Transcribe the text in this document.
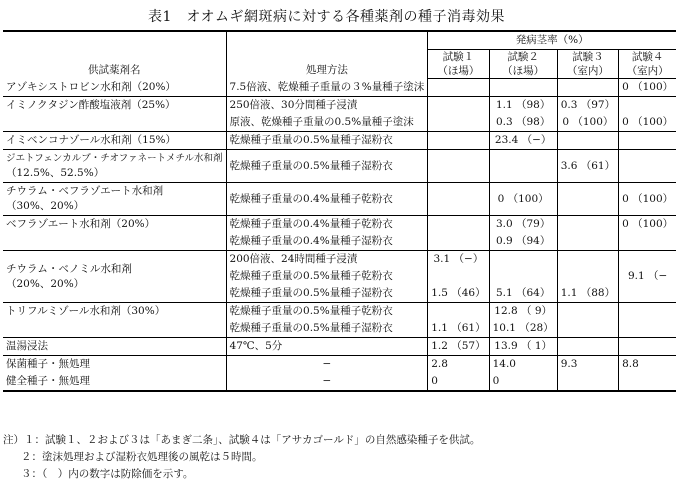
表1　オオムギ網斑病に対する各種薬剤の種子消毒効果
供試薬剤名	処理方法	発病茎率（%）			
		試験１	試験２	試験３	試験４
		（ほ場）	（ほ場）	（室内）	（室内）

アゾキシストロビン水和剤（20%）	7.5倍液、乾燥種子重量の３%量種子塗沫				0 （100）

イミノクタジン酢酸塩液剤（25%）	250倍液、30分間種子浸漬		1.1 （98）	0.3 （97）	
	原液、乾燥種子重量の0.5%量種子塗沫		0.3 （98）	0 （100）	0 （100）

イミベンコナゾール水和剤（15%）	乾燥種子重量の0.5%量種子湿粉衣		23.4 （−）		

ジエトフェンカルブ・チオファネートメチル水和剤
（12.5%、52.5%）	乾燥種子重量の0.5%量種子湿粉衣			3.6 （61）	

チウラム・ベフラゾエート水和剤
（30%、20%）	乾燥種子重量の0.4%量種子乾粉衣		0 （100）		0 （100）

ベフラゾエート水和剤（20%）	乾燥種子重量の0.4%量種子乾粉衣		3.0 （79）		0 （100）
	乾燥種子重量の0.4%量種子湿粉衣		0.9 （94）		

チウラム・ベノミル水和剤
（20%、20%）	200倍液、24時間種子浸漬	3.1 （−）			
	乾燥種子重量の0.5%量種子乾粉衣				9.1 （−
	乾燥種子重量の0.5%量種子湿粉衣	1.5 （46）	5.1 （64）	1.1 （88）	

トリフルミゾール水和剤（30%）	乾燥種子重量の0.5%量種子乾粉衣		12.8 （ 9）		
	乾燥種子重量の0.5%量種子湿粉衣	1.1 （61）	10.1 （28）		

温湯浸法	47℃、5分	1.2 （57）	13.9 （ 1）		
保菌種子・無処理	−	2.8	14.0	9.3	8.8
健全種子・無処理	−	0	0		
注）１：試験１、２および３は「あまぎ二条」、試験４は「アサカゴールド」の自然感染種子を供試。
２：塗沫処理および湿粉衣処理後の風乾は５時間。
３：（　）内の数字は防除価を示す。
